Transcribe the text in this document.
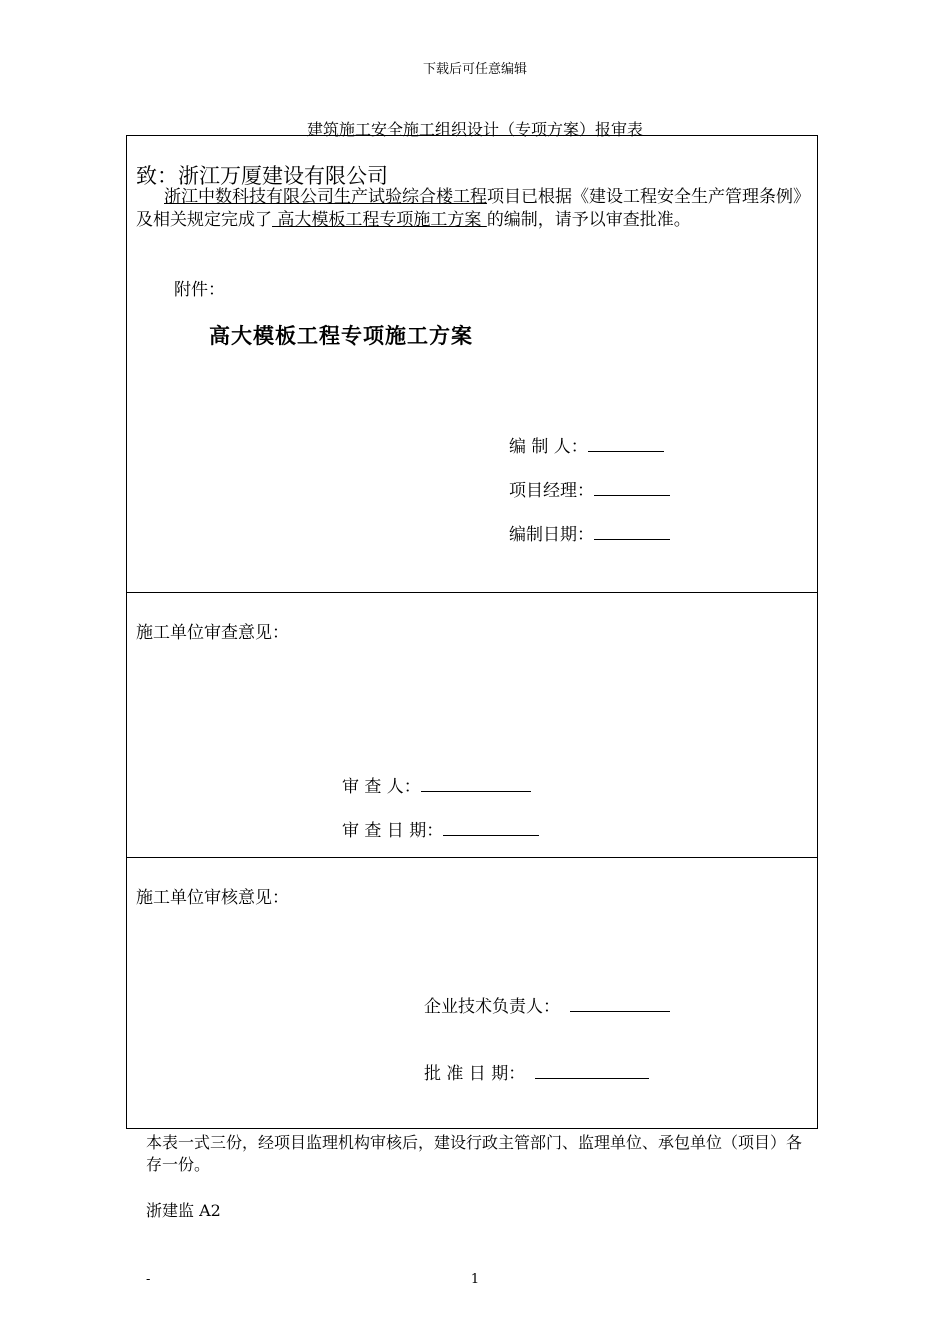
下载后可任意编辑
建筑施工安全施工组织设计（专项方案）报审表
致：浙江万厦建设有限公司
浙江中数科技有限公司生产试验综合楼工程项目已根据《建设工程安全生产管理条例》及相关规定完成了 高大模板工程专项施工方案 的编制，请予以审查批准。
附件：
高大模板工程专项施工方案
编 制 人：
项目经理：
编制日期：
施工单位审查意见：
审 查 人：
审 查 日 期：
施工单位审核意见：
企业技术负责人：
批 准 日 期：
本表一式三份，经项目监理机构审核后，建设行政主管部门、监理单位、承包单位（项目）各存一份。
浙建监 A2
-	1
